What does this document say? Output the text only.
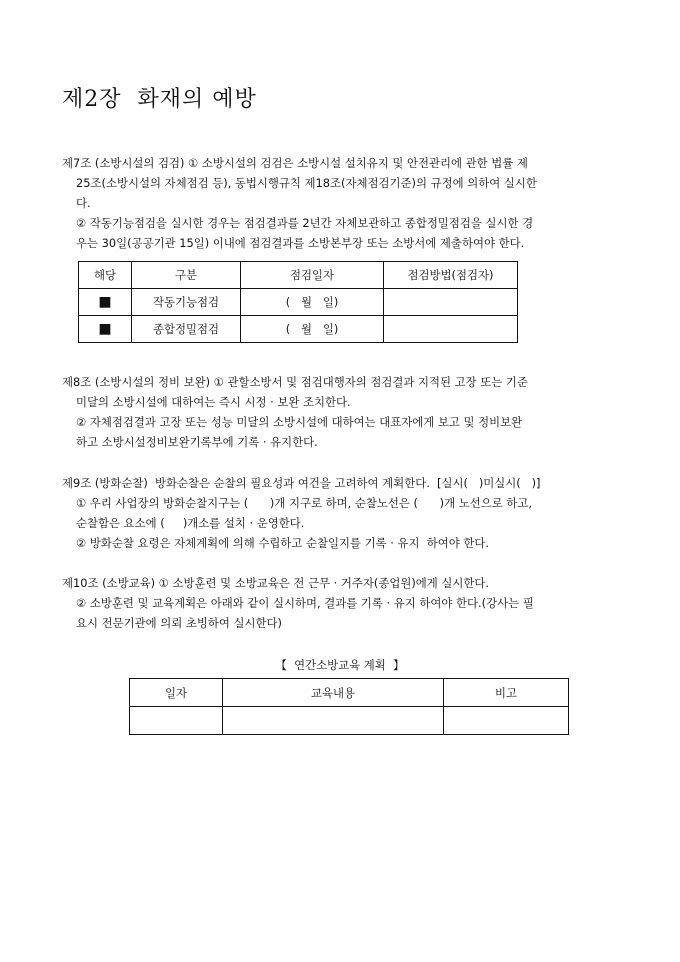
제2장  화재의 예방
제7조 (소방시설의 검검) ① 소방시설의 검검은 소방시설 설치유지 및 안전관리에 관한 법률 제
25조(소방시설의 자체점검 등), 동법시행규칙 제18조(자체점검기준)의 규정에 의하여 실시한
다.
② 작동기능점검을 실시한 경우는 점검결과를 2년간 자체보관하고 종합정밀점검을 실시한 경
우는 30일(공공기관 15일) 이내에 점검결과를 소방본부장 또는 소방서에 제출하여야 한다.
해당	구분	점검일자	점검방법(점검자)
■	작동기능점검	(   월   일)	
■	종합정밀점검	(   월   일)	
제8조 (소방시설의 정비 보완) ① 관할소방서 및 점검대행자의 점검결과 지적된 고장 또는 기준
미달의 소방시설에 대하여는 즉시 시정 · 보완 조치한다.
② 자체점검결과 고장 또는 성능 미달의 소방시설에 대하여는 대표자에게 보고 및 정비보완
하고 소방시설정비보완기록부에 기록 · 유지한다.
제9조 (방화순찰)  방화순찰은 순찰의 필요성과 여건을 고려하여 계획한다.  [실시(   )미실시(   )]
① 우리 사업장의 방화순찰지구는 (      )개 지구로 하며, 순찰노선은 (      )개 노선으로 하고,
순찰함은 요소에 (     )개소를 설치 · 운영한다.
② 방화순찰 요령은 자체계획에 의해 수립하고 순찰일지를 기록 · 유지  하여야 한다.
제10조 (소방교육) ① 소방훈련 및 소방교육은 전 근무 · 거주자(종업원)에게 실시한다.
② 소방훈련 및 교육계획은 아래와 같이 실시하며, 결과를 기록 · 유지 하여야 한다.(강사는 필
요시 전문기관에 의뢰 초빙하여 실시한다)
【  연간소방교육 계획  】
일자	교육내용	비고
